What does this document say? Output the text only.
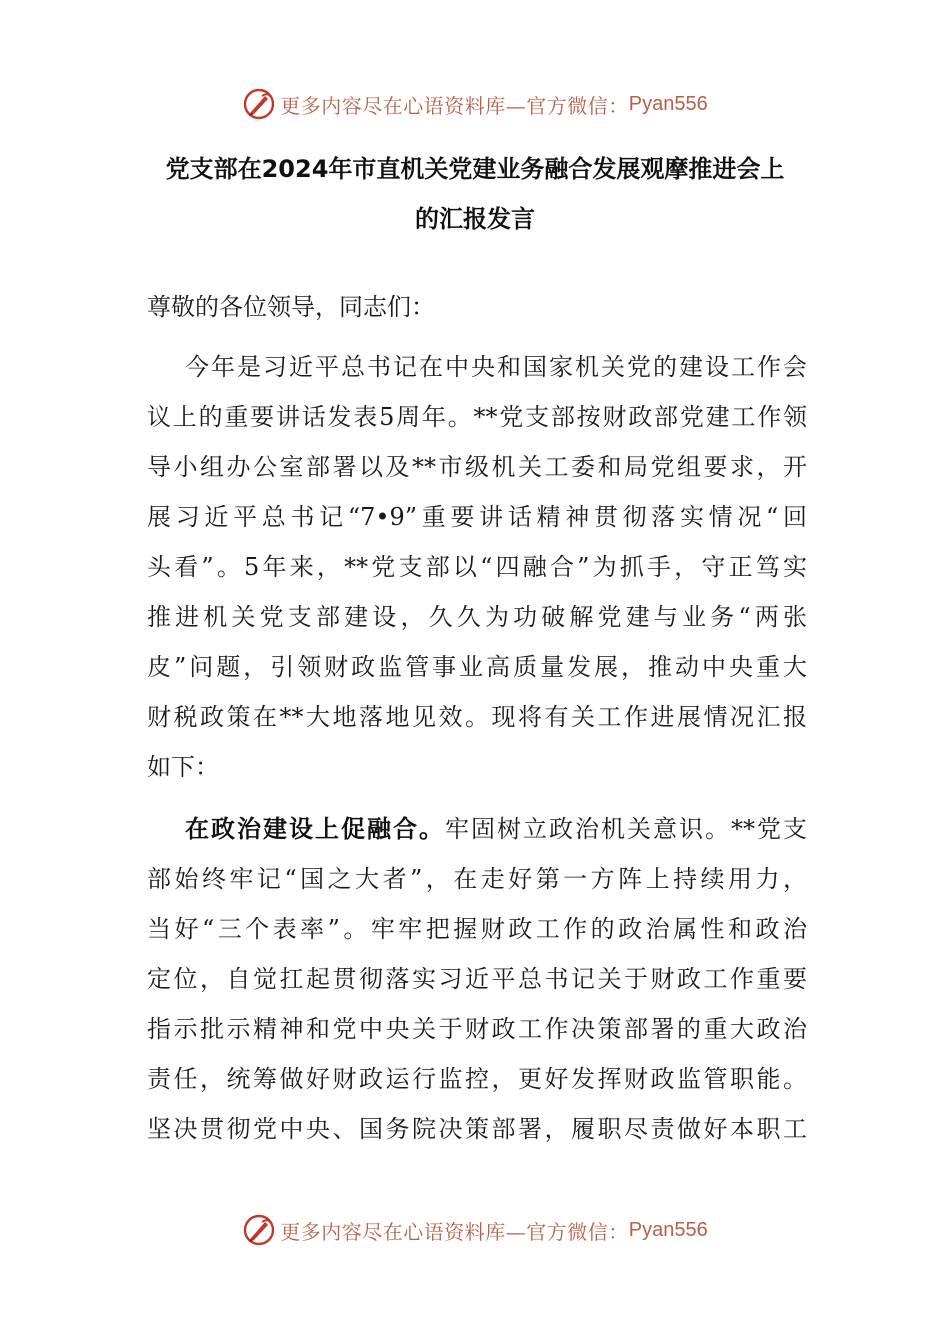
更多内容尽在心语资料库—官方微信： Pyan556
党支部在2024年市直机关党建业务融合发展观摩推进会上
的汇报发言
尊敬的各位领导，同志们：
今年是习近平总书记在中央和国家机关党的建设工作会
议上的重要讲话发表5周年。**党支部按财政部党建工作领
导小组办公室部署以及**市级机关工委和局党组要求，开
展习近平总书记“7•9”重要讲话精神贯彻落实情况“回
头看”。5年来，**党支部以“四融合”为抓手，守正笃实
推进机关党支部建设，久久为功破解党建与业务“两张
皮”问题，引领财政监管事业高质量发展，推动中央重大
财税政策在**大地落地见效。现将有关工作进展情况汇报
如下：
在政治建设上促融合。牢固树立政治机关意识。**党支
部始终牢记“国之大者”，在走好第一方阵上持续用力，
当好“三个表率”。牢牢把握财政工作的政治属性和政治
定位，自觉扛起贯彻落实习近平总书记关于财政工作重要
指示批示精神和党中央关于财政工作决策部署的重大政治
责任，统筹做好财政运行监控，更好发挥财政监管职能。
坚决贯彻党中央、国务院决策部署，履职尽责做好本职工
更多内容尽在心语资料库—官方微信： Pyan556
